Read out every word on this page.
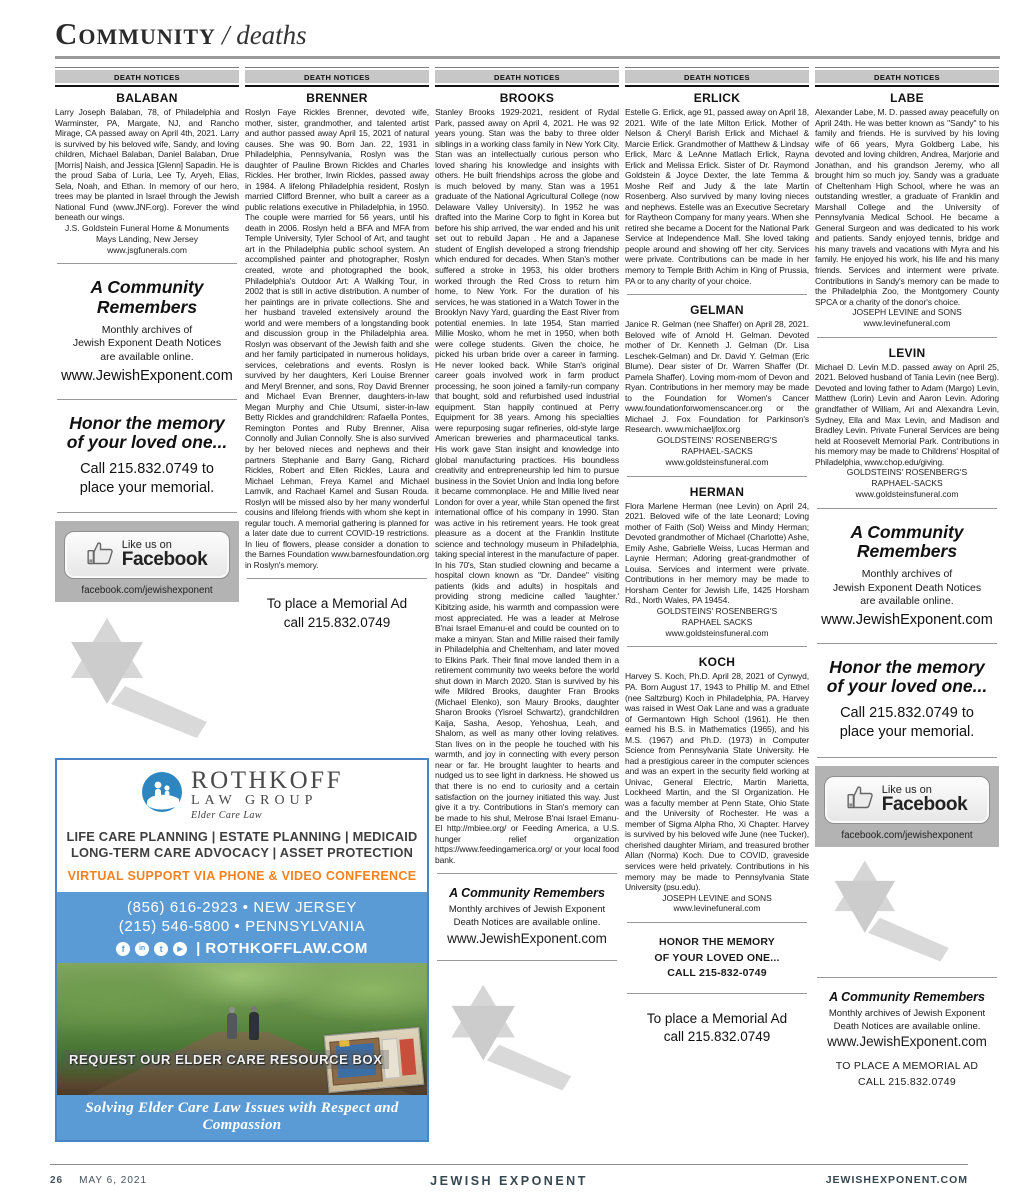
Community / deaths
DEATH NOTICES
BALABAN

Larry Joseph Balaban, 78, of Philadelphia and Warminster, PA, Margate, NJ, and Rancho Mirage, CA passed away on April 4th, 2021. Larry is survived by his beloved wife, Sandy, and loving children, Michael Balaban, Daniel Balaban, Drue [Morris] Naish, and Jessica [Glenn] Sapadin. He is the proud Saba of Luria, Lee Ty, Aryeh, Elias, Sela, Noah, and Ethan. In memory of our hero, trees may be planted in Israel through the Jewish National Fund (www.JNF.org). Forever the wind beneath our wings.

J.S. Goldstein Funeral Home & Monuments
Mays Landing, New Jersey
www.jsgfunerals.com
A Community
Remembers
Monthly archives of
Jewish Exponent Death Notices
are available online.
www.JewishExponent.com
Honor the memory
of your loved one...
Call 215.832.0749 to
place your memorial.
Like us on
Facebook
facebook.com/jewishexponent
DEATH NOTICES
BRENNER

Roslyn Faye Rickles Brenner, devoted wife, mother, sister, grandmother, and talented artist and author passed away April 15, 2021 of natural causes. She was 90. Born Jan. 22, 1931 in Philadelphia, Pennsylvania, Roslyn was the daughter of Pauline Brown Rickles and Charles Rickles. Her brother, Irwin Rickles, passed away in 1984. A lifelong Philadelphia resident, Roslyn married Clifford Brenner, who built a career as a public relations executive in Philadelphia, in 1950. The couple were married for 56 years, until his death in 2006. Roslyn held a BFA and MFA from Temple University, Tyler School of Art, and taught art in the Philadelphia public school system. An accomplished painter and photographer, Roslyn created, wrote and photographed the book, Philadelphia's Outdoor Art: A Walking Tour, in 2002 that is still in active distribution. A number of her paintings are in private collections. She and her husband traveled extensively around the world and were members of a longstanding book and discussion group in the Philadelphia area. Roslyn was observant of the Jewish faith and she and her family participated in numerous holidays, services, celebrations and events. Roslyn is survived by her daughters, Keri Louise Brenner and Meryl Brenner, and sons, Roy David Brenner and Michael Evan Brenner, daughters-in-law Megan Murphy and Chie Utsumi, sister-in-law Betty Rickles and grandchildren: Rafaella Pontes, Remington Pontes and Ruby Brenner, Alisa Connolly and Julian Connolly. She is also survived by her beloved nieces and nephews and their partners Stephanie and Barry Gang, Richard Rickles, Robert and Ellen Rickles, Laura and Michael Lehman, Freya Kamel and Michael Lamvik, and Rachael Kamel and Susan Rouda. Roslyn will be missed also by her many wonderful cousins and lifelong friends with whom she kept in regular touch. A memorial gathering is planned for a later date due to current COVID-19 restrictions. In lieu of flowers, please consider a donation to the Barnes Foundation www.barnesfoundation.org in Roslyn's memory.

To place a Memorial Ad
call 215.832.0749
ROTHKOFF
LAW GROUP
Elder Care Law
LIFE CARE PLANNING | ESTATE PLANNING | MEDICAID
LONG-TERM CARE ADVOCACY | ASSET PROTECTION
VIRTUAL SUPPORT VIA PHONE & VIDEO CONFERENCE
(856) 616-2923 • NEW JERSEY
(215) 546-5800 • PENNSYLVANIA
f	in	t	▶ | ROTHKOFFLAW.COM
REQUEST OUR ELDER CARE RESOURCE BOX
Solving Elder Care Law Issues with Respect and Compassion
DEATH NOTICES
BROOKS

Stanley Brooks 1929-2021, resident of Rydal Park, passed away on April 4, 2021. He was 92 years young. Stan was the baby to three older siblings in a working class family in New York City. Stan was an intellectually curious person who loved sharing his knowledge and insights with others. He built friendships across the globe and is much beloved by many. Stan was a 1951 graduate of the National Agricultural College (now Delaware Valley University). In 1952 he was drafted into the Marine Corp to fight in Korea but before his ship arrived, the war ended and his unit set out to rebuild Japan . He and a Japanese student of English developed a strong friendship which endured for decades. When Stan's mother suffered a stroke in 1953, his older brothers worked through the Red Cross to return him home, to New York. For the duration of his services, he was stationed in a Watch Tower in the Brooklyn Navy Yard, guarding the East River from potential enemies. In late 1954, Stan married Millie Mosko, whom he met in 1950, when both were college students. Given the choice, he picked his urban bride over a career in farming. He never looked back. While Stan's original career goals involved work in farm product processing, he soon joined a family-run company that bought, sold and refurbished used industrial equipment. Stan happily continued at Perry Equipment for 38 years. Among his specialties were repurposing sugar refineries, old-style large American breweries and pharmaceutical tanks. His work gave Stan insight and knowledge into global manufacturing practices. His boundless creativity and entrepreneurship led him to pursue business in the Soviet Union and India long before it became commonplace. He and Millie lived near London for over a year, while Stan opened the first international office of his company in 1990. Stan was active in his retirement years. He took great pleasure as a docent at the Franklin Institute science and technology museum in Philadelphia, taking special interest in the manufacture of paper. In his 70's, Stan studied clowning and became a hospital clown known as "Dr. Dandee" visiting patients (kids and adults) in hospitals and providing strong medicine called 'laughter.' Kibitzing aside, his warmth and compassion were most appreciated. He was a leader at Melrose B'nai Israel Emanu-el and could be counted on to make a minyan. Stan and Millie raised their family in Philadelphia and Cheltenham, and later moved to Elkins Park. Their final move landed them in a retirement community two weeks before the world shut down in March 2020. Stan is survived by his wife Mildred Brooks, daughter Fran Brooks (Michael Elenko), son Maury Brooks, daughter Sharon Brooks (Yisroel Schwartz), grandchildren Kaija, Sasha, Aesop, Yehoshua, Leah, and Shalom, as well as many other loving relatives. Stan lives on in the people he touched with his warmth, and joy in connecting with every person near or far. He brought laughter to hearts and nudged us to see light in darkness. He showed us that there is no end to curiosity and a certain satisfaction on the journey initiated this way. Just give it a try. Contributions in Stan's memory can be made to his shul, Melrose B'nai Israel Emanu-El http://mbiee.org/ or Feeding America, a U.S. hunger relief organization https://www.feedingamerica.org/ or your local food bank.

A Community Remembers
Monthly archives of Jewish Exponent
Death Notices are available online.
www.JewishExponent.com
DEATH NOTICES
ERLICK

Estelle G. Erlick, age 91, passed away on April 18, 2021. Wife of the late Milton Erlick. Mother of Nelson & Cheryl Barish Erlick and Michael & Marcie Erlick. Grandmother of Matthew & Lindsay Erlick, Marc & LeAnne Matlach Erlick, Rayna Erlick and Melissa Erlick. Sister of Dr. Raymond Goldstein & Joyce Dexter, the late Temma & Moshe Reif and Judy & the late Martin Rosenberg. Also survived by many loving nieces and nephews. Estelle was an Executive Secretary for Raytheon Company for many years. When she retired she became a Docent for the National Park Service at Independence Mall. She loved taking people around and showing off her city. Services were private. Contributions can be made in her memory to Temple Brith Achim in King of Prussia, PA or to any charity of your choice.

GELMAN

Janice R. Gelman (nee Shaffer) on April 28, 2021. Beloved wife of Arnold H. Gelman. Devoted mother of Dr. Kenneth J. Gelman (Dr. Lisa Leschek-Gelman) and Dr. David Y. Gelman (Eric Blume). Dear sister of Dr. Warren Shaffer (Dr. Pamela Shaffer). Loving mom-mom of Devon and Ryan. Contributions in her memory may be made to the Foundation for Women's Cancer www.foundationforwomenscancer.org or the Michael J. Fox Foundation for Parkinson's Research. www.michaeljfox.org

GOLDSTEINS' ROSENBERG'S
RAPHAEL-SACKS
www.goldsteinsfuneral.com
HERMAN

Flora Marlene Herman (nee Levin) on April 24, 2021. Beloved wife of the late Leonard; Loving mother of Faith (Sol) Weiss and Mindy Herman; Devoted grandmother of Michael (Charlotte) Ashe, Emily Ashe, Gabrielle Weiss, Lucas Herman and Laynie Herman; Adoring great-grandmother of Louisa. Services and interment were private. Contributions in her memory may be made to Horsham Center for Jewish Life, 1425 Horsham Rd., North Wales, PA 19454.

GOLDSTEINS' ROSENBERG'S
RAPHAEL SACKS
www.goldsteinsfuneral.com
KOCH

Harvey S. Koch, Ph.D. April 28, 2021 of Cynwyd, PA. Born August 17, 1943 to Phillip M. and Ethel (nee Saltzburg) Koch in Philadelphia, PA. Harvey was raised in West Oak Lane and was a graduate of Germantown High School (1961). He then earned his B.S. in Mathematics (1965), and his M.S. (1967) and Ph.D. (1973) in Computer Science from Pennsylvania State University. He had a prestigious career in the computer sciences and was an expert in the security field working at Univac, General Electric, Martin Marietta, Lockheed Martin, and the SI Organization. He was a faculty member at Penn State, Ohio State and the University of Rochester. He was a member of Sigma Alpha Rho, Xi Chapter. Harvey is survived by his beloved wife June (nee Tucker), cherished daughter Miriam, and treasured brother Allan (Norma) Koch. Due to COVID, graveside services were held privately. Contributions in his memory may be made to Pennsylvania State University (psu.edu).

JOSEPH LEVINE and SONS
www.levinefuneral.com
HONOR THE MEMORY
OF YOUR LOVED ONE...
CALL 215-832-0749
To place a Memorial Ad
call 215.832.0749
DEATH NOTICES
LABE

Alexander Labe, M. D. passed away peacefully on April 24th. He was better known as "Sandy" to his family and friends. He is survived by his loving wife of 66 years, Myra Goldberg Labe, his devoted and loving children, Andrea, Marjorie and Jonathan, and his grandson Jeremy, who all brought him so much joy. Sandy was a graduate of Cheltenham High School, where he was an outstanding wrestler, a graduate of Franklin and Marshall College and the University of Pennsylvania Medical School. He became a General Surgeon and was dedicated to his work and patients. Sandy enjoyed tennis, bridge and his many travels and vacations with Myra and his family. He enjoyed his work, his life and his many friends. Services and interment were private. Contributions in Sandy's memory can be made to the Philadelphia Zoo, the Montgomery County SPCA or a charity of the donor's choice.

JOSEPH LEVINE and SONS
www.levinefuneral.com
LEVIN

Michael D. Levin M.D. passed away on April 25, 2021. Beloved husband of Tania Levin (nee Berg). Devoted and loving father to Adam (Margo) Levin, Matthew (Lorin) Levin and Aaron Levin. Adoring grandfather of William, Ari and Alexandra Levin, Sydney, Ella and Max Levin, and Madison and Bradley Levin. Private Funeral Services are being held at Roosevelt Memorial Park. Contributions in his memory may be made to Childrens' Hospital of Philadelphia, www.chop.edu/giving.

GOLDSTEINS' ROSENBERG'S
RAPHAEL-SACKS
www.goldsteinsfuneral.com
A Community
Remembers
Monthly archives of
Jewish Exponent Death Notices
are available online.
www.JewishExponent.com
Honor the memory
of your loved one...
Call 215.832.0749 to
place your memorial.
Like us on
Facebook
facebook.com/jewishexponent
A Community Remembers
Monthly archives of Jewish Exponent
Death Notices are available online.
www.JewishExponent.com
TO PLACE A MEMORIAL AD
CALL 215.832.0749
26 MAY 6, 2021	JEWISH EXPONENT	JEWISHEXPONENT.COM
